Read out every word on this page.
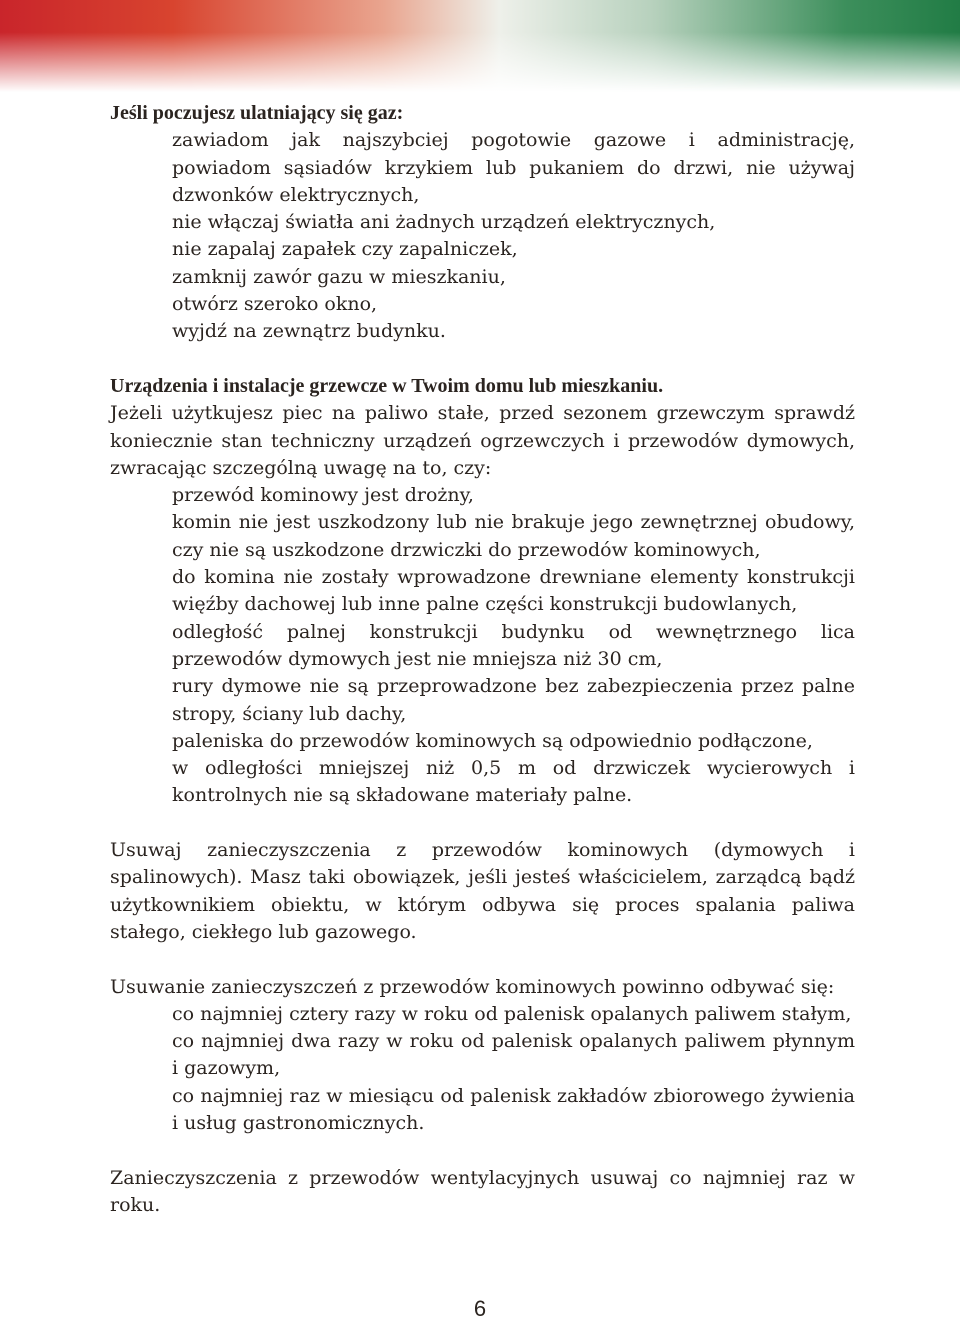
Jeśli poczujesz ulatniający się gaz:

zawiadom jak najszybciej pogotowie gazowe i administrację, powiadom sąsiadów krzykiem lub pukaniem do drzwi, nie używaj dzwonków elektrycznych,
nie włączaj światła ani żadnych urządzeń elektrycznych,
nie zapalaj zapałek czy zapalniczek,
zamknij zawór gazu w mieszkaniu,
otwórz szeroko okno,
wyjdź na zewnątrz budynku.

Urządzenia i instalacje grzewcze w Twoim domu lub mieszkaniu.

Jeżeli użytkujesz piec na paliwo stałe, przed sezonem grzewczym sprawdź koniecznie stan techniczny urządzeń ogrzewczych i przewodów dymowych, zwracając szczególną uwagę na to, czy:

przewód kominowy jest drożny,
komin nie jest uszkodzony lub nie brakuje jego zewnętrznej obudowy, czy nie są uszkodzone drzwiczki do przewodów kominowych,
do komina nie zostały wprowadzone drewniane elementy konstrukcji więźby dachowej lub inne palne części konstrukcji budowlanych,
odległość palnej konstrukcji budynku od wewnętrznego lica przewodów dymowych jest nie mniejsza niż 30 cm,
rury dymowe nie są przeprowadzone bez zabezpieczenia przez palne stropy, ściany lub dachy,
paleniska do przewodów kominowych są odpowiednio podłączone,
w odległości mniejszej niż 0,5 m od drzwiczek wycierowych i kontrolnych nie są składowane materiały palne.

Usuwaj zanieczyszczenia z przewodów kominowych (dymowych i spalinowych). Masz taki obowiązek, jeśli jesteś właścicielem, zarządcą bądź użytkownikiem obiektu, w którym odbywa się proces spalania paliwa stałego, ciekłego lub gazowego.

Usuwanie zanieczyszczeń z przewodów kominowych powinno odbywać się:

co najmniej cztery razy w roku od palenisk opalanych paliwem stałym,
co najmniej dwa razy w roku od palenisk opalanych paliwem płynnym i gazowym,
co najmniej raz w miesiącu od palenisk zakładów zbiorowego żywienia i usług gastronomicznych.

Zanieczyszczenia z przewodów wentylacyjnych usuwaj co najmniej raz w roku.

6
